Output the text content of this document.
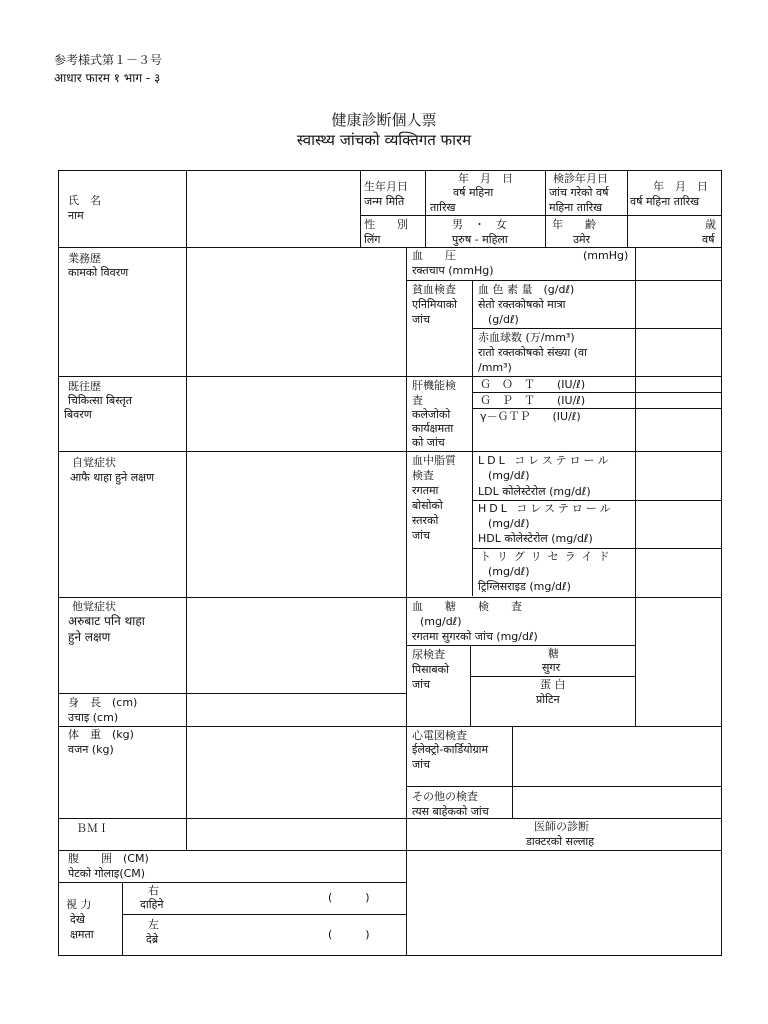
参考様式第１－３号
आधार फारम १ भाग - ३
健康診断個人票
स्वास्थ्य जांचको व्यक्तिगत फारम
氏　名
नाम
生年月日
जन्म मिति
年　月　日
वर्ष महिना
तारिख
検診年月日
जांच गरेको वर्ष
महिना तारिख
年　月　日
वर्ष महिना तारिख
性　　別
लिंग
男　・　女
पुरुष - महिला
年　　齢
उमेर
歳
वर्ष
業務歴
कामको विवरण
既往歴
चिकित्सा बिस्तृत
बिवरण
自覚症状
आफै थाहा हुने लक्षण
他覚症状
अरुबाट पनि थाहा
हुने लक्षण
身　長　(cm)
उचाइ (cm)
体　重　(kg)
वजन (kg)
ＢＭＩ
腹　　囲　(CM)
पेटको गोलाइ(CM)
視 力
देखे
क्षमता
右
दाहिने
(　　　)
左
देब्रे	(　　　)
血　　圧	(mmHg)
रक्तचाप (mmHg)
貧血検査
एनिमियाको
जांच
血 色 素 量　(g/dℓ)
सेतो रक्तकोषको मात्रा
(g/dℓ)
赤血球数 (万/mm³)
रातो रक्तकोषको संख्या (वा
/mm³)
肝機能検
査
कलेजोको
कार्यक्षमता
को जांच
Ｇ　Ｏ　Ｔ　　(IU/ℓ)
Ｇ　Ｐ　Ｔ　　(IU/ℓ)
γ－ＧＴＰ　　(IU/ℓ)
血中脂質
検査
रगतमा
बोसोको
स्तरको
जांच
LDL コレステロール
(mg/dℓ)
LDL कोलेस्टेरोल (mg/dℓ)
HDL コレステロール
(mg/dℓ)
HDL कोलेस्टेरोल (mg/dℓ)
トリグリセライド
(mg/dℓ)
ट्रिग्लिसराइड (mg/dℓ)
血　　糖　　検　　査
(mg/dℓ)
रगतमा सुगरको जांच (mg/dℓ)
尿検査
पिसाबको
जांच
糖
सुगर
蛋 白
प्रोटिन
心電図検査
ईलेक्ट्रो-कार्डियोग्राम
जांच
その他の検査
त्यस बाहेकको जांच
医師の診断
डाक्टरको सल्लाह
